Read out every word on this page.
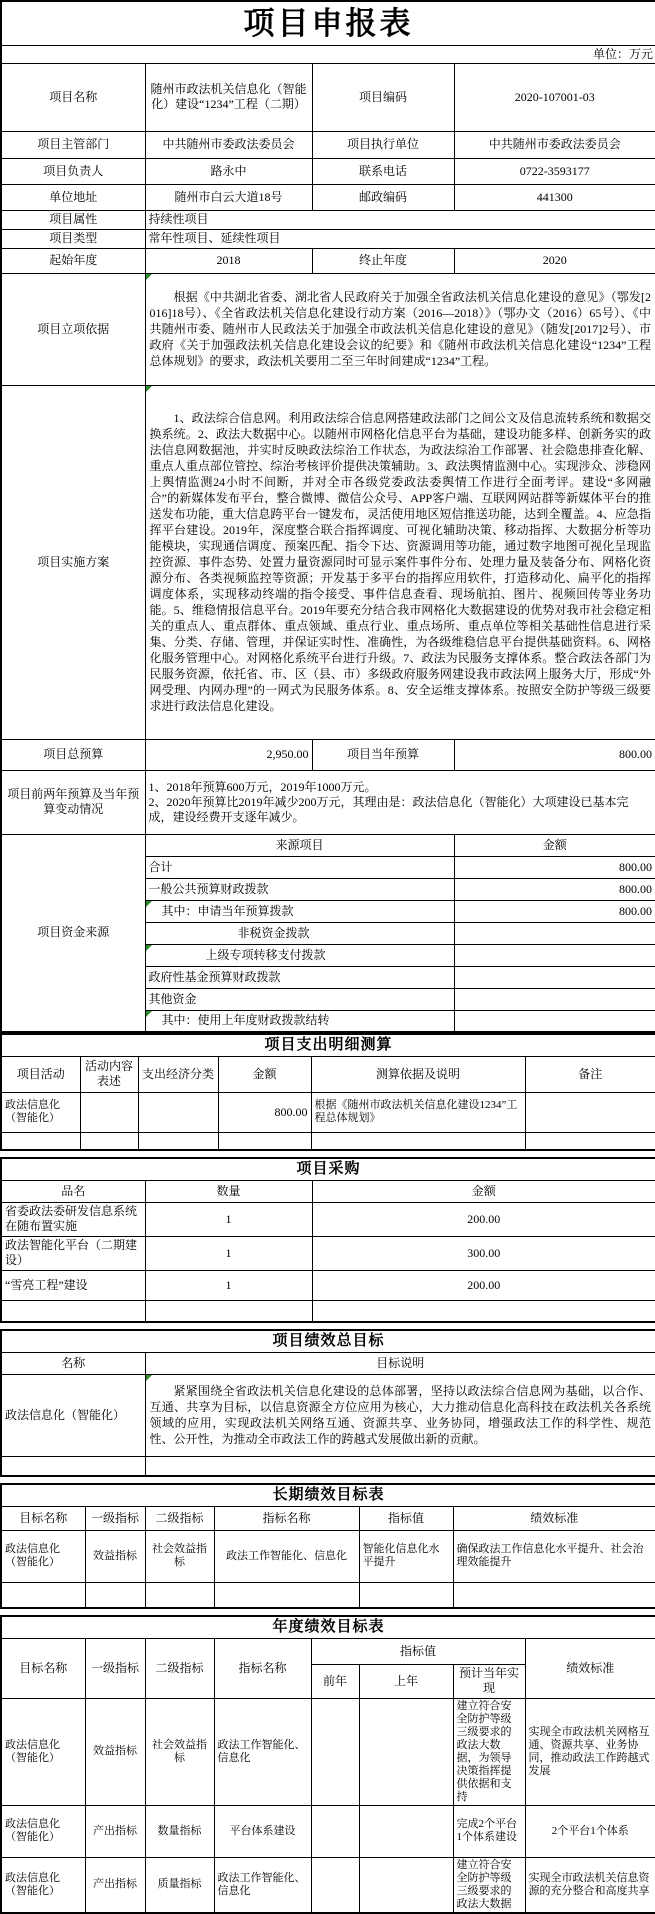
项目申报表			
单位：万元			
项目名称	随州市政法机关信息化（智能化）建设“1234”工程（二期）	项目编码	2020-107001-03
项目主管部门	中共随州市委政法委员会	项目执行单位	中共随州市委政法委员会
项目负责人	路永中	联系电话	0722-3593177
单位地址	随州市白云大道18号	邮政编码	441300
项目属性	持续性项目		
项目类型	常年性项目、延续性项目		
起始年度	2018	终止年度	2020
项目立项依据	根据《中共湖北省委、湖北省人民政府关于加强全省政法机关信息化建设的意见》（鄂发[2016]18号）、《全省政法机关信息化建设行动方案（2016—2018）》（鄂办文（2016）65号）、《中共随州市委、随州市人民政法关于加强全市政法机关信息化建设的意见》（随发[2017]2号）、市政府《关于加强政法机关信息化建设会议的纪要》和《随州市政法机关信息化建设“1234”工程总体规划》的要求，政法机关要用二至三年时间建成“1234”工程。		
项目实施方案	1、政法综合信息网。利用政法综合信息网搭建政法部门之间公文及信息流转系统和数据交换系统。2、政法大数据中心。以随州市网格化信息平台为基础，建设功能多样、创新务实的政法信息网数据池，并实时反映政法综治工作状态，为政法综治工作部署、社会隐患排查化解、重点人重点部位管控、综治考核评价提供决策辅助。3、政法舆情监测中心。实现涉众、涉稳网上舆情监测24小时不间断，并对全市各级党委政法委舆情工作进行全面考评。建设“多网融合”的新媒体发布平台，整合微博、微信公众号、APP客户端、互联网网站群等新媒体平台的推送发布功能，重大信息跨平台一键发布，灵活使用地区短信推送功能，达到全覆盖。4、应急指挥平台建设。2019年，深度整合联合指挥调度、可视化辅助决策、移动指挥、大数据分析等功能模块，实现通信调度、预案匹配、指令下达、资源调用等功能，通过数字地图可视化呈现监控资源、事件态势、处置力量资源同时可显示案件事件分布、处理力量及装备分布、网格化资源分布、各类视频监控等资源；开发基于多平台的指挥应用软件，打造移动化、扁平化的指挥调度体系，实现移动终端的指令接受、事件信息查看、现场航拍、图片、视频回传等业务功能。5、维稳情报信息平台。2019年要充分结合我市网格化大数据建设的优势对我市社会稳定相关的重点人、重点群体、重点领域、重点行业、重点场所、重点单位等相关基础性信息进行采集、分类、存储、管理，并保证实时性、准确性，为各级维稳信息平台提供基础资料。6、网格化服务管理中心。对网格化系统平台进行升级。7、政法为民服务支撑体系。整合政法各部门为民服务资源，依托省、市、区（县、市）多级政府服务网建设我市政法网上服务大厅，形成“外网受理、内网办理”的一网式为民服务体系。8、安全运维支撑体系。按照安全防护等级三级要求进行政法信息化建设。		
项目总预算	2,950.00	项目当年预算	800.00
项目前两年预算及当年预算变动情况	1、2018年预算600万元，2019年1000万元。
2、2020年预算比2019年减少200万元，其理由是：政法信息化（智能化）大项建设已基本完成，建设经费开支逐年减少。		

项目资金来源	来源项目		金额
	合计		800.00
	一般公共预算财政拨款		800.00
	其中：申请当年预算拨款		800.00
	非税资金拨款		
	上级专项转移支付拨款		
	政府性基金预算财政拨款		
	其他资金		
	其中：使用上年度财政拨款结转		
项目支出明细测算					
项目活动	活动内容表述	支出经济分类	金额	测算依据及说明	备注
政法信息化（智能化）			800.00	根据《随州市政法机关信息化建设1234”工程总体规划》	

项目采购		
品名	数量	金额
省委政法委研发信息系统在随布置实施	1	200.00
政法智能化平台（二期建设）	1	300.00
“雪亮工程”建设	1	200.00

项目绩效总目标	
名称	目标说明
政法信息化（智能化）	紧紧围绕全省政法机关信息化建设的总体部署，坚持以政法综合信息网为基础，以合作、互通、共享为目标，以信息资源全方位应用为核心，大力推动信息化高科技在政法机关各系统领域的应用，实现政法机关网络互通、资源共享、业务协同，增强政法工作的科学性、规范性、公开性，为推动全市政法工作的跨越式发展做出新的贡献。

长期绩效目标表					
目标名称	一级指标	二级指标	指标名称	指标值	绩效标准
政法信息化（智能化）	效益指标	社会效益指标	政法工作智能化、信息化	智能化信息化水平提升	确保政法工作信息化水平提升、社会治理效能提升

年度绩效目标表							
目标名称	一级指标	二级指标	指标名称	指标值			绩效标准
				前年	上年	预计当年实现	
政法信息化（智能化）	效益指标	社会效益指标	政法工作智能化、信息化			建立符合安全防护等级三级要求的政法大数据，为领导决策指挥提供依据和支持	实现全市政法机关网格互通、资源共享、业务协同，推动政法工作跨越式发展
政法信息化（智能化）	产出指标	数量指标	平台体系建设			完成2个平台1个体系建设	2个平台1个体系
政法信息化（智能化）	产出指标	质量指标	政法工作智能化、信息化			建立符合安全防护等级三级要求的政法大数据	实现全市政法机关信息资源的充分整合和高度共享
